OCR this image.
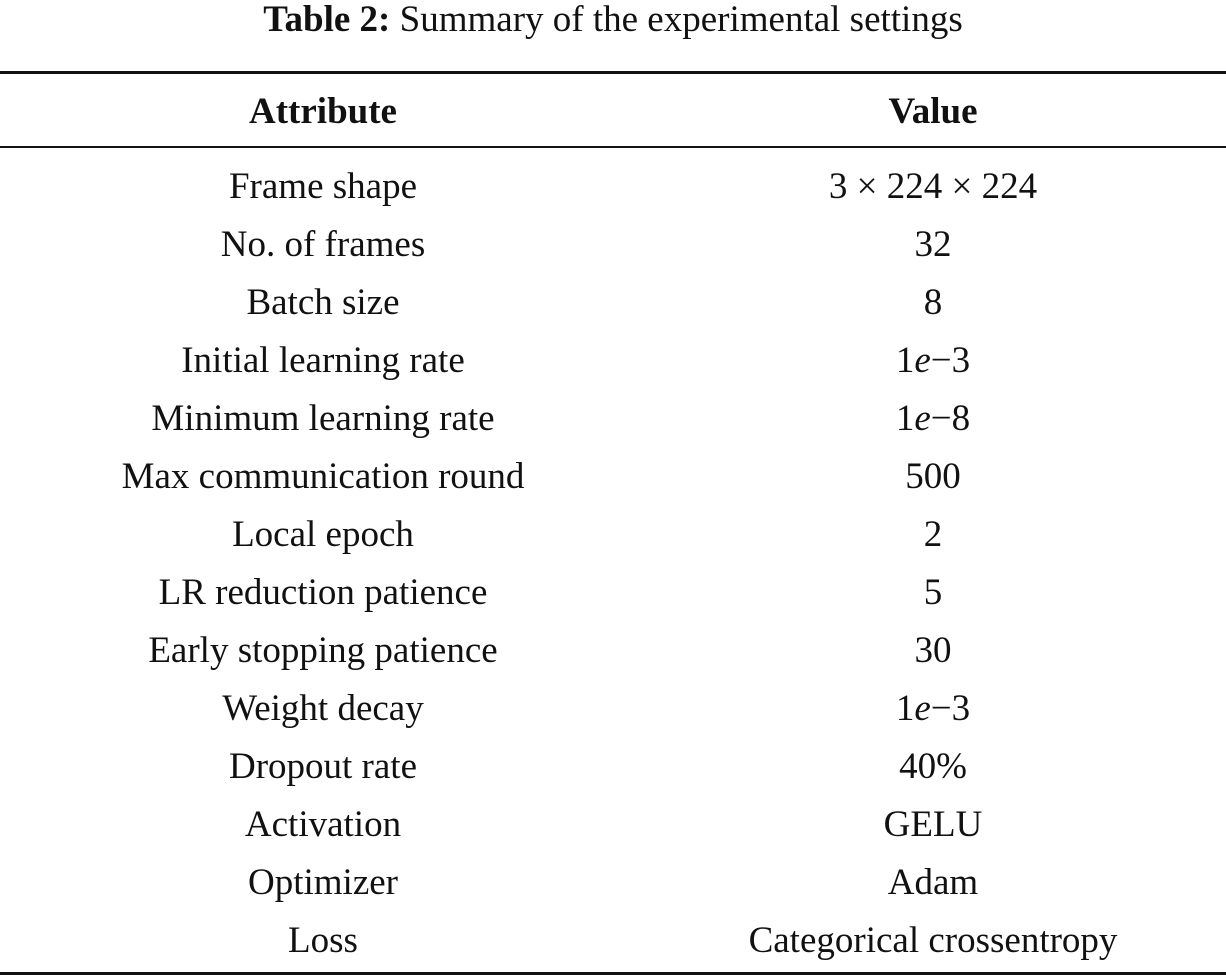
Table 2: Summary of the experimental settings
Attribute	Value
Frame shape	3 × 224 × 224
No. of frames	32
Batch size	8
Initial learning rate	1e−3
Minimum learning rate	1e−8
Max communication round	500
Local epoch	2
LR reduction patience	5
Early stopping patience	30
Weight decay	1e−3
Dropout rate	40%
Activation	GELU
Optimizer	Adam
Loss	Categorical crossentropy
